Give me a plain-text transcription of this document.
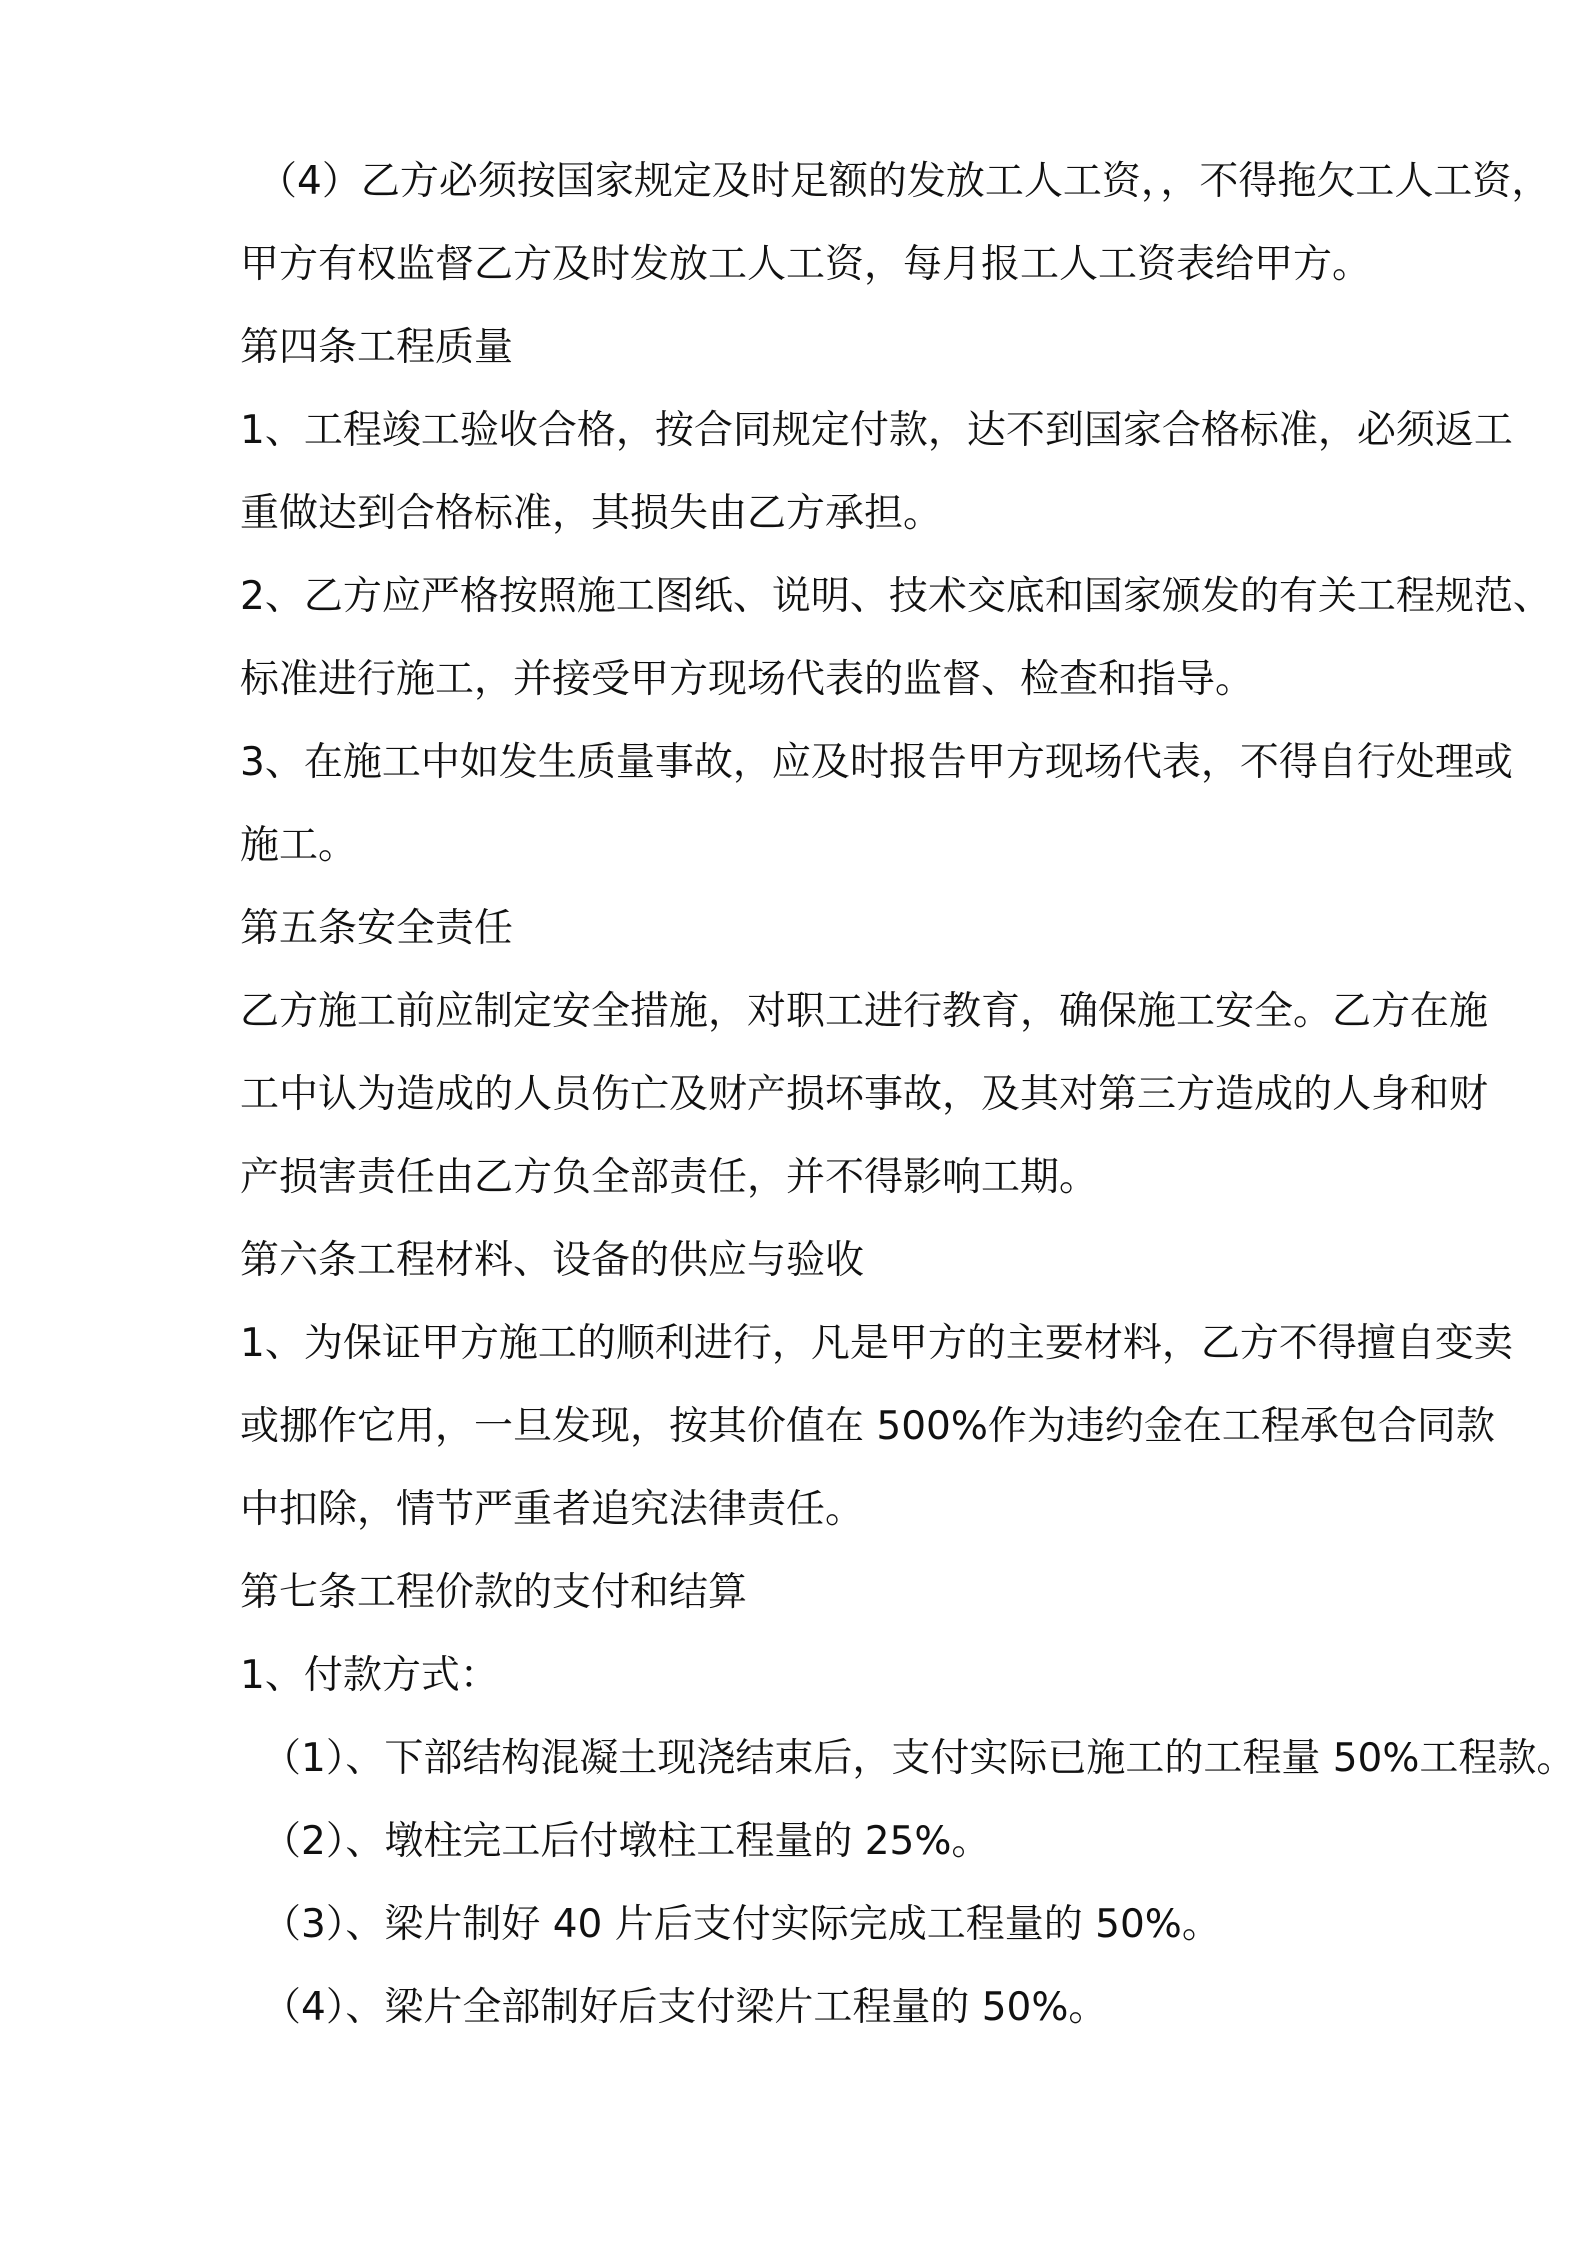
（4）乙方必须按国家规定及时足额的发放工人工资，，不得拖欠工人工资，
甲方有权监督乙方及时发放工人工资，每月报工人工资表给甲方。
第四条工程质量
1、工程竣工验收合格，按合同规定付款，达不到国家合格标准，必须返工
重做达到合格标准，其损失由乙方承担。
2、乙方应严格按照施工图纸、说明、技术交底和国家颁发的有关工程规范、
标准进行施工，并接受甲方现场代表的监督、检查和指导。
3、在施工中如发生质量事故，应及时报告甲方现场代表，不得自行处理或
施工。
第五条安全责任
乙方施工前应制定安全措施，对职工进行教育，确保施工安全。乙方在施
工中认为造成的人员伤亡及财产损坏事故，及其对第三方造成的人身和财
产损害责任由乙方负全部责任，并不得影响工期。
第六条工程材料、设备的供应与验收
1、为保证甲方施工的顺利进行，凡是甲方的主要材料，乙方不得擅自变卖
或挪作它用，一旦发现，按其价值在 500%作为违约金在工程承包合同款
中扣除，情节严重者追究法律责任。
第七条工程价款的支付和结算
1、付款方式：
（1）、下部结构混凝土现浇结束后，支付实际已施工的工程量 50%工程款。
（2）、墩柱完工后付墩柱工程量的 25%。
（3）、梁片制好 40 片后支付实际完成工程量的 50%。
（4）、梁片全部制好后支付梁片工程量的 50%。
